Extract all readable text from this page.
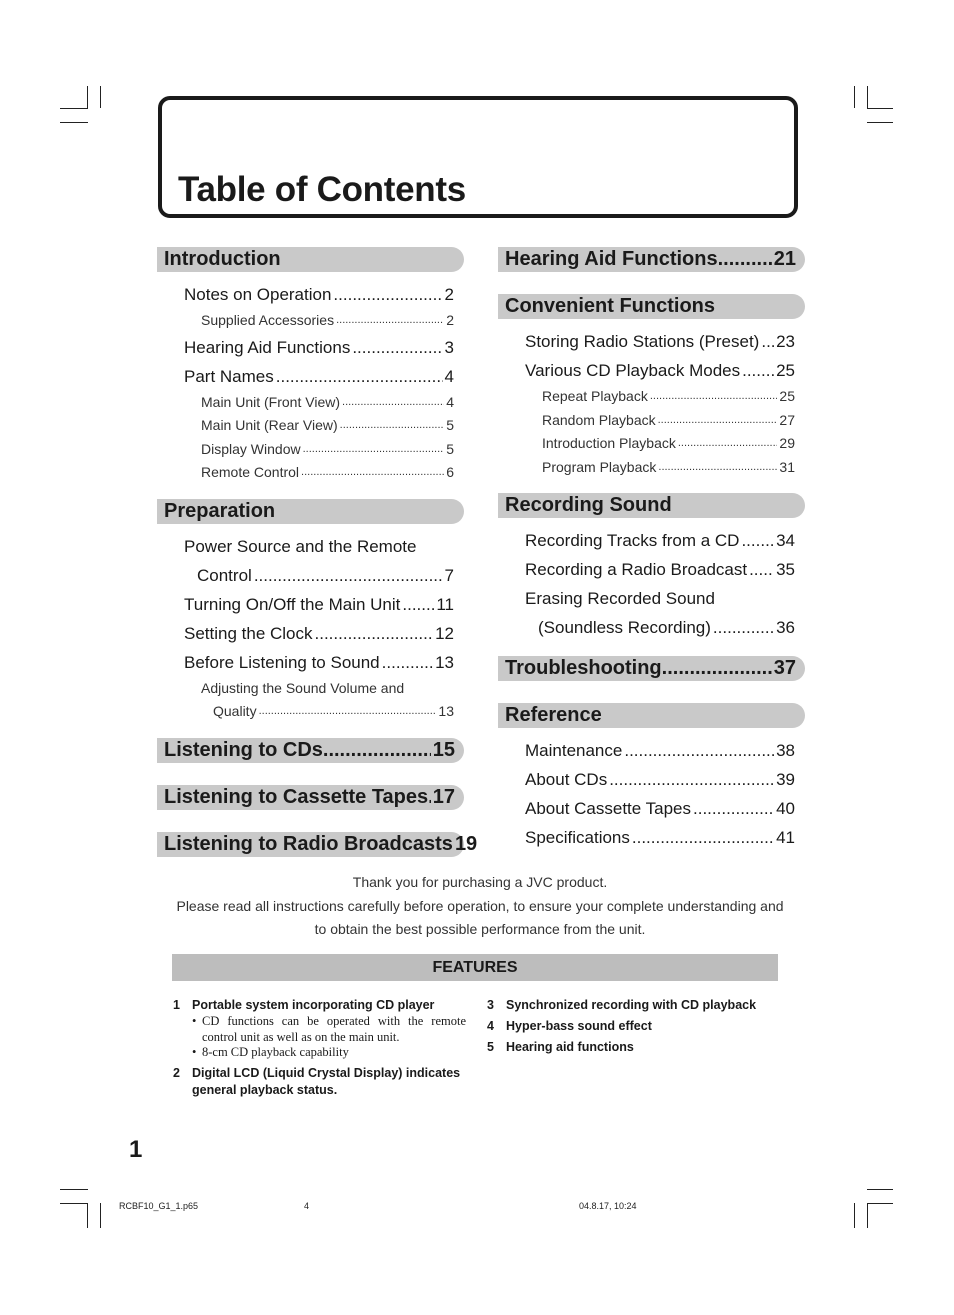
Table of Contents
Introduction
Notes on Operation .....	2
Supplied Accessories .....	2
Hearing Aid Functions .....	3
Part Names .....	4
Main Unit (Front View) .....	4
Main Unit (Rear View) .....	5
Display Window .....	5
Remote Control .....	6
Preparation
Power Source and the Remote
Control .....	7
Turning On/Off the Main Unit ..... 11
Setting the Clock .....	12
Before Listening to Sound .....	13
Adjusting the Sound Volume and
Quality .....	13
Listening to CDs .....	15
Listening to Cassette Tapes ..... 17
Listening to Radio Broadcasts 19
Hearing Aid Functions .....	21
Convenient Functions
Storing Radio Stations (Preset) ..... 23
Various CD Playback Modes ..... 25
Repeat Playback .....	25
Random Playback .....	27
Introduction Playback .....	29
Program Playback .....	31
Recording Sound
Recording Tracks from a CD ..... 34
Recording a Radio Broadcast ..... 35
Erasing Recorded Sound
(Soundless Recording) .....	36
Troubleshooting .....	37
Reference
Maintenance .....	38
About CDs .....	39
About Cassette Tapes .....	40
Specifications .....	41
Thank you for purchasing a JVC product.
Please read all instructions carefully before operation, to ensure your complete understanding and
to obtain the best possible performance from the unit.
FEATURES
1 Portable system incorporating CD player
• CD functions can be operated with the remote control unit as well as on the main unit.
• 8-cm CD playback capability
2 Digital LCD (Liquid Crystal Display) indicates general playback status.
3 Synchronized recording with CD playback
4 Hyper-bass sound effect
5 Hearing aid functions
1
RCBF10_G1_1.p65	4	04.8.17, 10:24
